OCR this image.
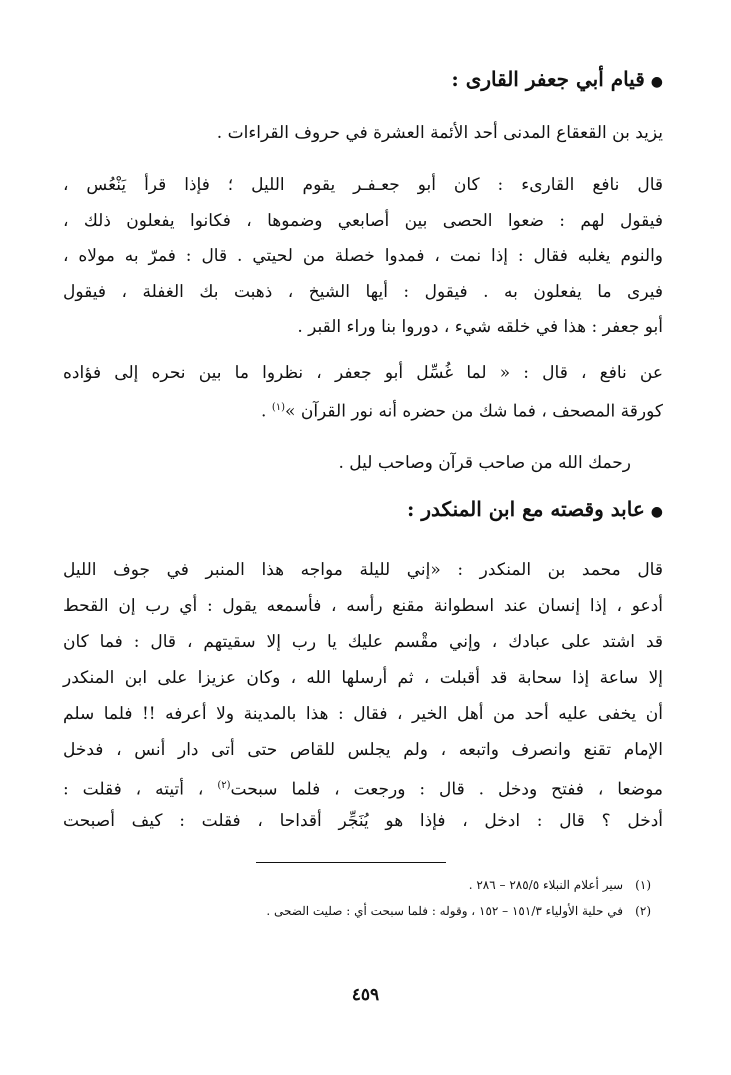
●قيام أبي جعفر القارى :
يزيد بن القعقاع المدنى أحد الأئمة العشرة في حروف القراءات .
قال نافع القارىء : كان أبو جعـفـر يقوم الليل ؛ فإذا قرأ يَنْعُس ،
فيقول لهم : ضعوا الحصى بين أصابعي وضموها ، فكانوا يفعلون ذلك ،
والنوم يغلبه فقال : إذا نمت ، فمدوا خصلة من لحيتي . قال : فمرّ به مولاه ،
فيرى ما يفعلون به . فيقول : أيها الشيخ ، ذهبت بك الغفلة ، فيقول
أبو جعفر : هذا في خلقه شيء ، دوروا بنا وراء القبر .
عن نافع ، قال : « لما غُسِّل أبو جعفر ، نظروا ما بين نحره إلى فؤاده
كورقة المصحف ، فما شك من حضره أنه نور القرآن »$^{(١)}$ .
رحمك الله من صاحب قرآن وصاحب ليل .
●عابد وقصته مع ابن المنكدر :
قال محمد بن المنكدر : «إني لليلة مواجه هذا المنبر في جوف الليل
أدعو ، إذا إنسان عند اسطوانة مقنع رأسه ، فأسمعه يقول : أي رب إن القحط
قد اشتد على عبادك ، وإني مقْسم عليك يا رب إلا سقيتهم ، قال : فما كان
إلا ساعة إذا سحابة قد أقبلت ، ثم أرسلها الله ، وكان عزيزا على ابن المنكدر
أن يخفى عليه أحد من أهل الخير ، فقال : هذا بالمدينة ولا أعرفه !! فلما سلم
الإمام تقنع وانصرف واتبعه ، ولم يجلس للقاص حتى أتى دار أنس ، فدخل
موضعا ، ففتح ودخل . قال : ورجعت ، فلما سبحت$^{(٢)}$ ، أتيته ، فقلت :
أدخل ؟ قال : ادخل ، فإذا هو يُنَجِّر أقداحا ، فقلت : كيف أصبحت
(١)سير أعلام النبلاء ٢٨٥/٥ – ٢٨٦ .
(٢)في حلية الأولياء ١٥١/٣ – ١٥٢ ، وقوله : فلما سبحت أي : صليت الضحى .
٤٥٩
